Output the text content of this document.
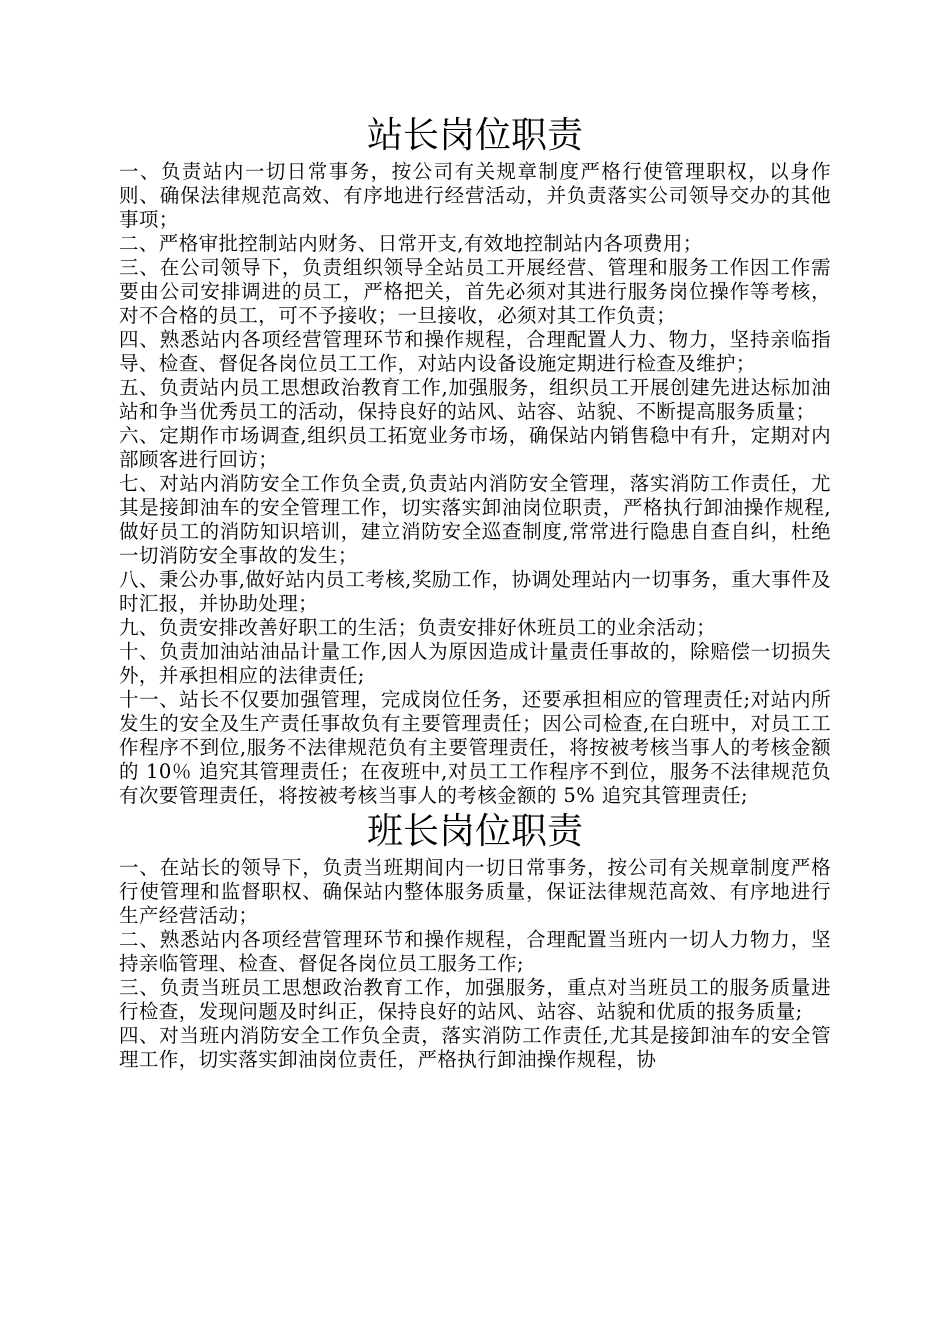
站长岗位职责

一、负责站内一切日常事务，按公司有关规章制度严格行使管理职权，以身作则、确保法律规范高效、有序地进行经营活动，并负责落实公司领导交办的其他事项；

二、严格审批控制站内财务、日常开支,有效地控制站内各项费用；

三、在公司领导下，负责组织领导全站员工开展经营、管理和服务工作因工作需要由公司安排调进的员工，严格把关，首先必须对其进行服务岗位操作等考核，对不合格的员工，可不予接收；一旦接收，必须对其工作负责；

四、熟悉站内各项经营管理环节和操作规程，合理配置人力、物力，坚持亲临指导、检查、督促各岗位员工工作，对站内设备设施定期进行检查及维护；

五、负责站内员工思想政治教育工作,加强服务，组织员工开展创建先进达标加油站和争当优秀员工的活动，保持良好的站风、站容、站貌、不断提高服务质量；

六、定期作市场调查,组织员工拓宽业务市场，确保站内销售稳中有升，定期对内部顾客进行回访；

七、对站内消防安全工作负全责,负责站内消防安全管理，落实消防工作责任，尤其是接卸油车的安全管理工作，切实落实卸油岗位职责，严格执行卸油操作规程,做好员工的消防知识培训，建立消防安全巡查制度,常常进行隐患自查自纠，杜绝一切消防安全事故的发生；

八、秉公办事,做好站内员工考核,奖励工作，协调处理站内一切事务，重大事件及时汇报，并协助处理；

九、负责安排改善好职工的生活；负责安排好休班员工的业余活动；

十、负责加油站油品计量工作,因人为原因造成计量责任事故的，除赔偿一切损失外，并承担相应的法律责任;

十一、站长不仅要加强管理，完成岗位任务，还要承担相应的管理责任;对站内所发生的安全及生产责任事故负有主要管理责任；因公司检查,在白班中，对员工工作程序不到位,服务不法律规范负有主要管理责任，将按被考核当事人的考核金额的 10％ 追究其管理责任；在夜班中,对员工工作程序不到位，服务不法律规范负有次要管理责任，将按被考核当事人的考核金额的 5% 追究其管理责任;

班长岗位职责

一、在站长的领导下，负责当班期间内一切日常事务，按公司有关规章制度严格行使管理和监督职权、确保站内整体服务质量，保证法律规范高效、有序地进行生产经营活动；

二、熟悉站内各项经营管理环节和操作规程，合理配置当班内一切人力物力，坚持亲临管理、检查、督促各岗位员工服务工作;

三、负责当班员工思想政治教育工作，加强服务，重点对当班员工的服务质量进行检查，发现问题及时纠正，保持良好的站风、站容、站貌和优质的报务质量;

四、对当班内消防安全工作负全责，落实消防工作责任,尤其是接卸油车的安全管理工作，切实落实卸油岗位责任，严格执行卸油操作规程，协
